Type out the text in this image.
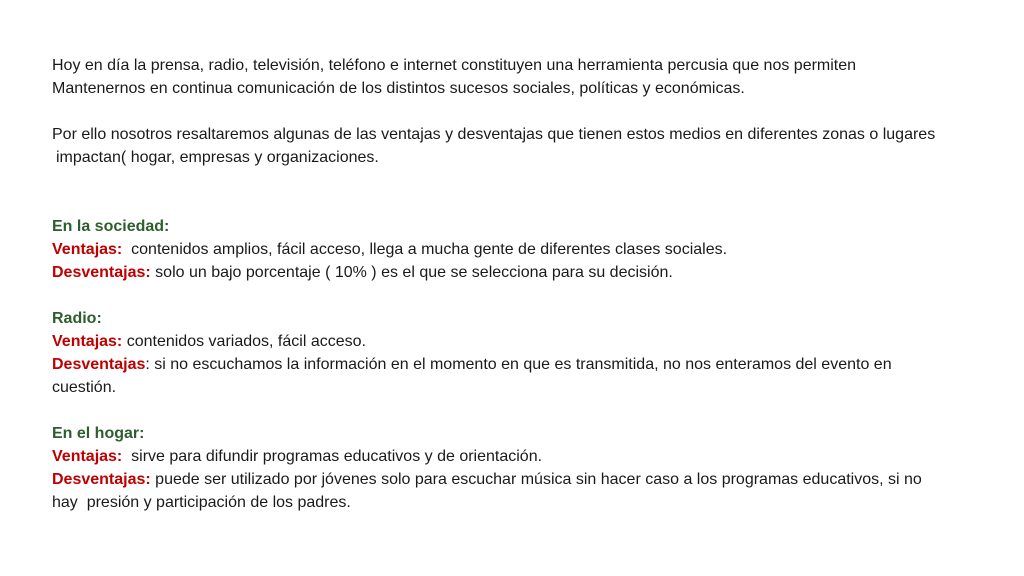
Hoy en día la prensa, radio, televisión, teléfono e internet constituyen una herramienta percusia que nos permiten
Mantenernos en continua comunicación de los distintos sucesos sociales, políticas y económicas.
Por ello nosotros resaltaremos algunas de las ventajas y desventajas que tienen estos medios en diferentes zonas o lugares
impactan( hogar, empresas y organizaciones.
En la sociedad:
Ventajas:  contenidos amplios, fácil acceso, llega a mucha gente de diferentes clases sociales.
Desventajas: solo un bajo porcentaje ( 10% ) es el que se selecciona para su decisión.
Radio:
Ventajas: contenidos variados, fácil acceso.
Desventajas: si no escuchamos la información en el momento en que es transmitida, no nos enteramos del evento en
cuestión.
En el hogar:
Ventajas:  sirve para difundir programas educativos y de orientación.
Desventajas: puede ser utilizado por jóvenes solo para escuchar música sin hacer caso a los programas educativos, si no
hay  presión y participación de los padres.
